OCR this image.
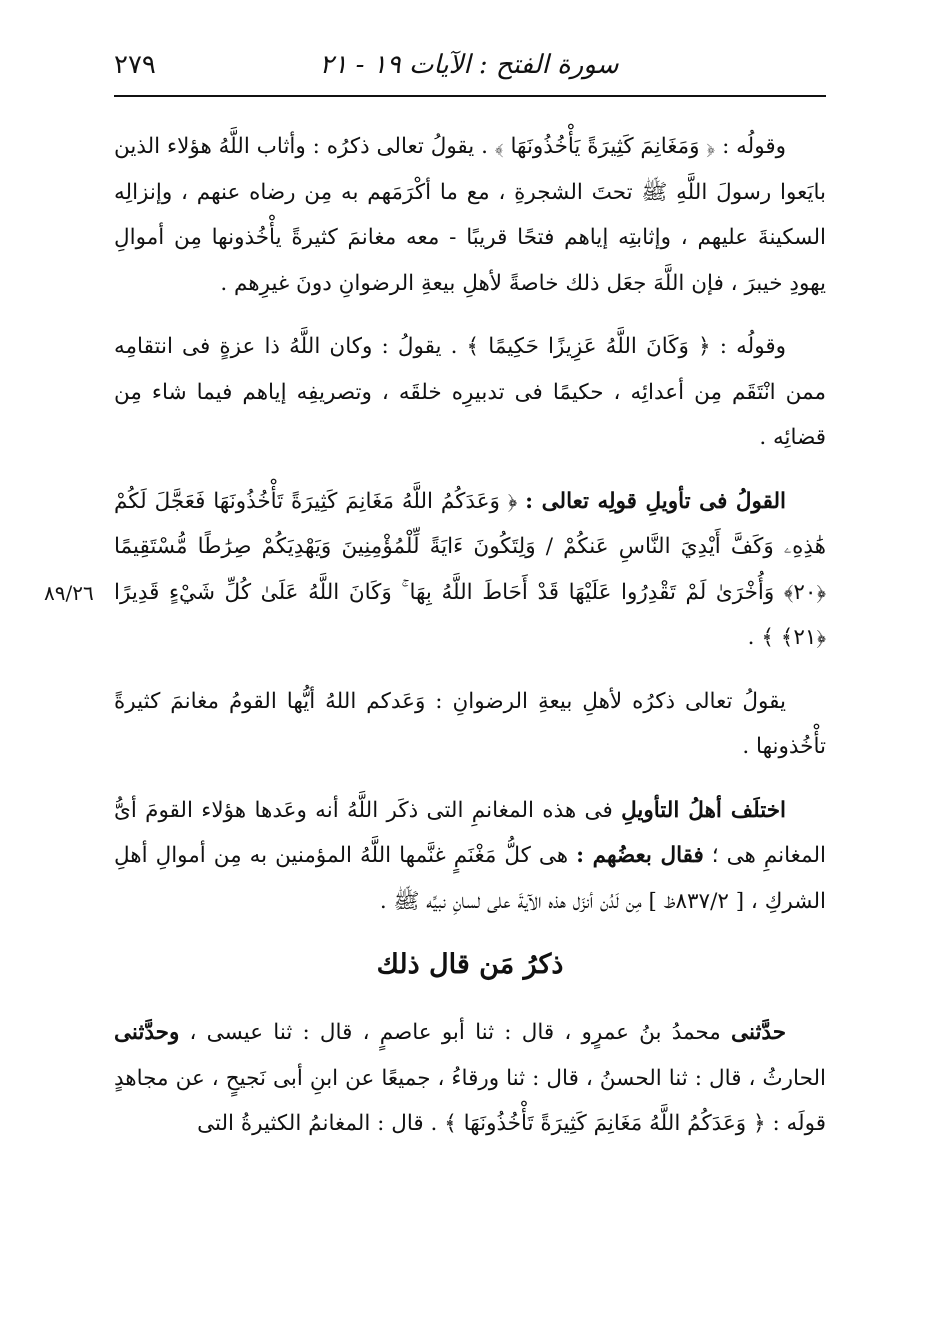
سورة الفتح : الآيات ١٩ - ٢١
٢٧٩
٨٩/٢٦

وقولُه : ﴿ وَمَغَانِمَ كَثِيرَةً يَأْخُذُونَهَا ﴾ . يقولُ تعالى ذكرُه : وأثاب اللَّهُ هؤلاء الذين بايَعوا رسولَ اللَّهِ ﷺ تحتَ الشجرةِ ، مع ما أكْرَمَهم به مِن رضاه عنهم ، وإنزالِه السكينةَ عليهم ، وإثابتِه إياهم فتحًا قريبًا - معه مغانمَ كثيرةً يأْخُذونها مِن أموالِ يهودِ خيبرَ ، فإن اللَّهَ جعَل ذلك خاصةً لأهلِ بيعةِ الرضوانِ دونَ غيرِهم .

وقولُه : ﴿ وَكَانَ اللَّهُ عَزِيزًا حَكِيمًا ﴾ . يقولُ : وكان اللَّهُ ذا عزةٍ فى انتقامِه ممن انْتَقَم مِن أعدائِه ، حكيمًا فى تدبيرِه خلقَه ، وتصريفِه إياهم فيما شاء مِن قضائِه .

القولُ فى تأويلِ قولِه تعالى : ﴿ وَعَدَكُمُ اللَّهُ مَغَانِمَ كَثِيرَةً تَأْخُذُونَهَا فَعَجَّلَ لَكُمْ هَٰذِهِۦ وَكَفَّ أَيْدِيَ النَّاسِ عَنكُمْ / وَلِتَكُونَ ءَايَةً لِّلْمُؤْمِنِينَ وَيَهْدِيَكُمْ صِرَٰطًا مُّسْتَقِيمًا ﴿٢٠﴾ وَأُخْرَىٰ لَمْ تَقْدِرُوا عَلَيْهَا قَدْ أَحَاطَ اللَّهُ بِهَا ۚ وَكَانَ اللَّهُ عَلَىٰ كُلِّ شَيْءٍ قَدِيرًا ﴿٢١﴾ ﴾ .

يقولُ تعالى ذكرُه لأهلِ بيعةِ الرضوانِ : وَعَدكم اللهُ أيُّها القومُ مغانمَ كثيرةً تأْخُذونها .

اختلَف أهلُ التأويلِ فى هذه المغانمِ التى ذكَر اللَّهُ أنه وعَدها هؤلاء القومَ أىُّ المغانمِ هى ؛ فقال بعضُهم : هى كلُّ مَغْنَمٍ غنَّمها اللَّهُ المؤمنين به مِن أموالِ أهلِ الشركِ ، [ ٨٣٧/٢ظ ] مِن لَدُن أنزَل هذه الآيةَ على لسانِ نبيِّه ﷺ .

ذكرُ مَن قال ذلك

حدَّثنى محمدُ بنُ عمرٍو ، قال : ثنا أبو عاصمٍ ، قال : ثنا عيسى ، وحدَّثنى الحارثُ ، قال : ثنا الحسنُ ، قال : ثنا ورقاءُ ، جميعًا عن ابنِ أبى نَجيحٍ ، عن مجاهدٍ قولَه : ﴿ وَعَدَكُمُ اللَّهُ مَغَانِمَ كَثِيرَةً تَأْخُذُونَهَا ﴾ . قال : المغانمُ الكثيرةُ التى
